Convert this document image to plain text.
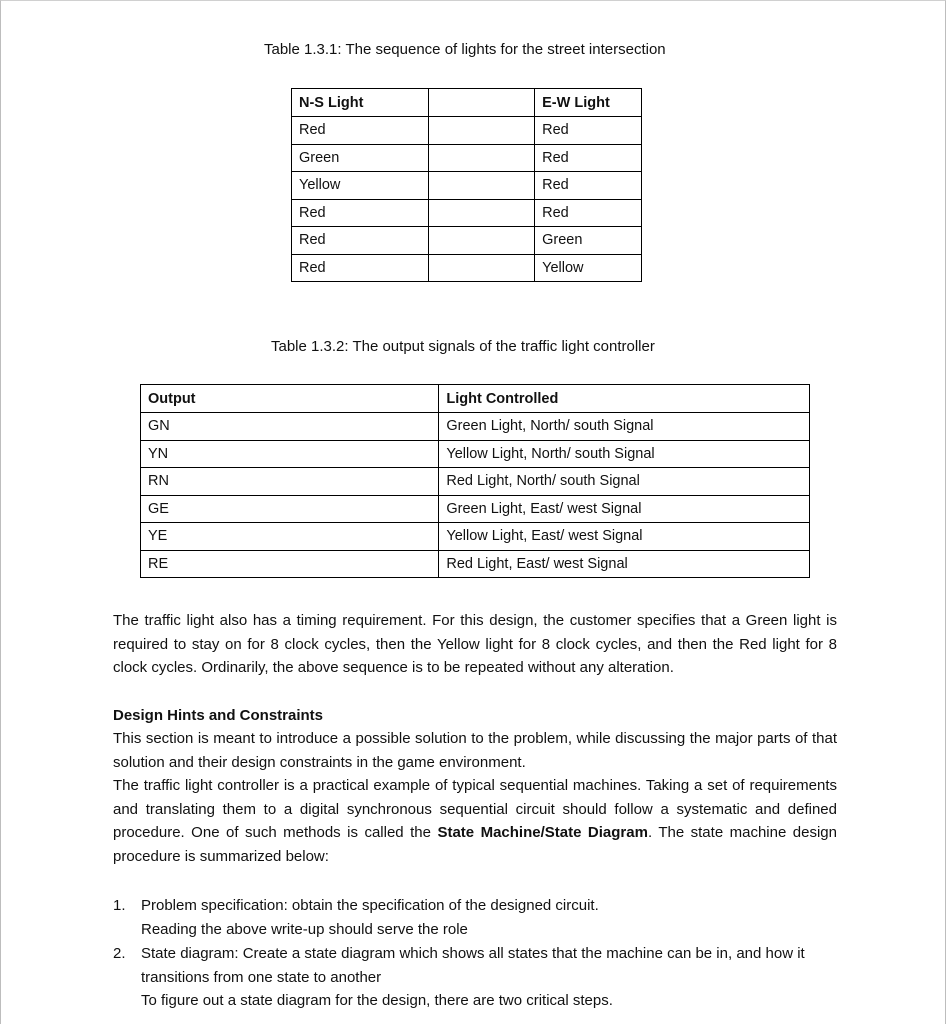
Table 1.3.1: The sequence of lights for the street intersection
N-S Light		E-W Light
Red		Red
Green		Red
Yellow		Red
Red		Red
Red		Green
Red		Yellow
Table 1.3.2: The output signals of the traffic light controller
Output	Light Controlled
GN	Green Light, North/ south Signal
YN	Yellow Light, North/ south Signal
RN	Red Light, North/ south Signal
GE	Green Light, East/ west Signal
YE	Yellow Light, East/ west Signal
RE	Red Light, East/ west Signal
The traffic light also has a timing requirement. For this design, the customer specifies that a Green light is required to stay on for 8 clock cycles, then the Yellow light for 8 clock cycles, and then the Red light for 8 clock cycles. Ordinarily, the above sequence is to be repeated without any alteration.
Design Hints and Constraints
This section is meant to introduce a possible solution to the problem, while discussing the major parts of that solution and their design constraints in the game environment.
The traffic light controller is a practical example of typical sequential machines. Taking a set of requirements and translating them to a digital synchronous sequential circuit should follow a systematic and defined procedure. One of such methods is called the State Machine/State Diagram. The state machine design procedure is summarized below:
1. Problem specification: obtain the specification of the designed circuit.
Reading the above write-up should serve the role
2. State diagram: Create a state diagram which shows all states that the machine can be in, and how it transitions from one state to another
To figure out a state diagram for the design, there are two critical steps.
